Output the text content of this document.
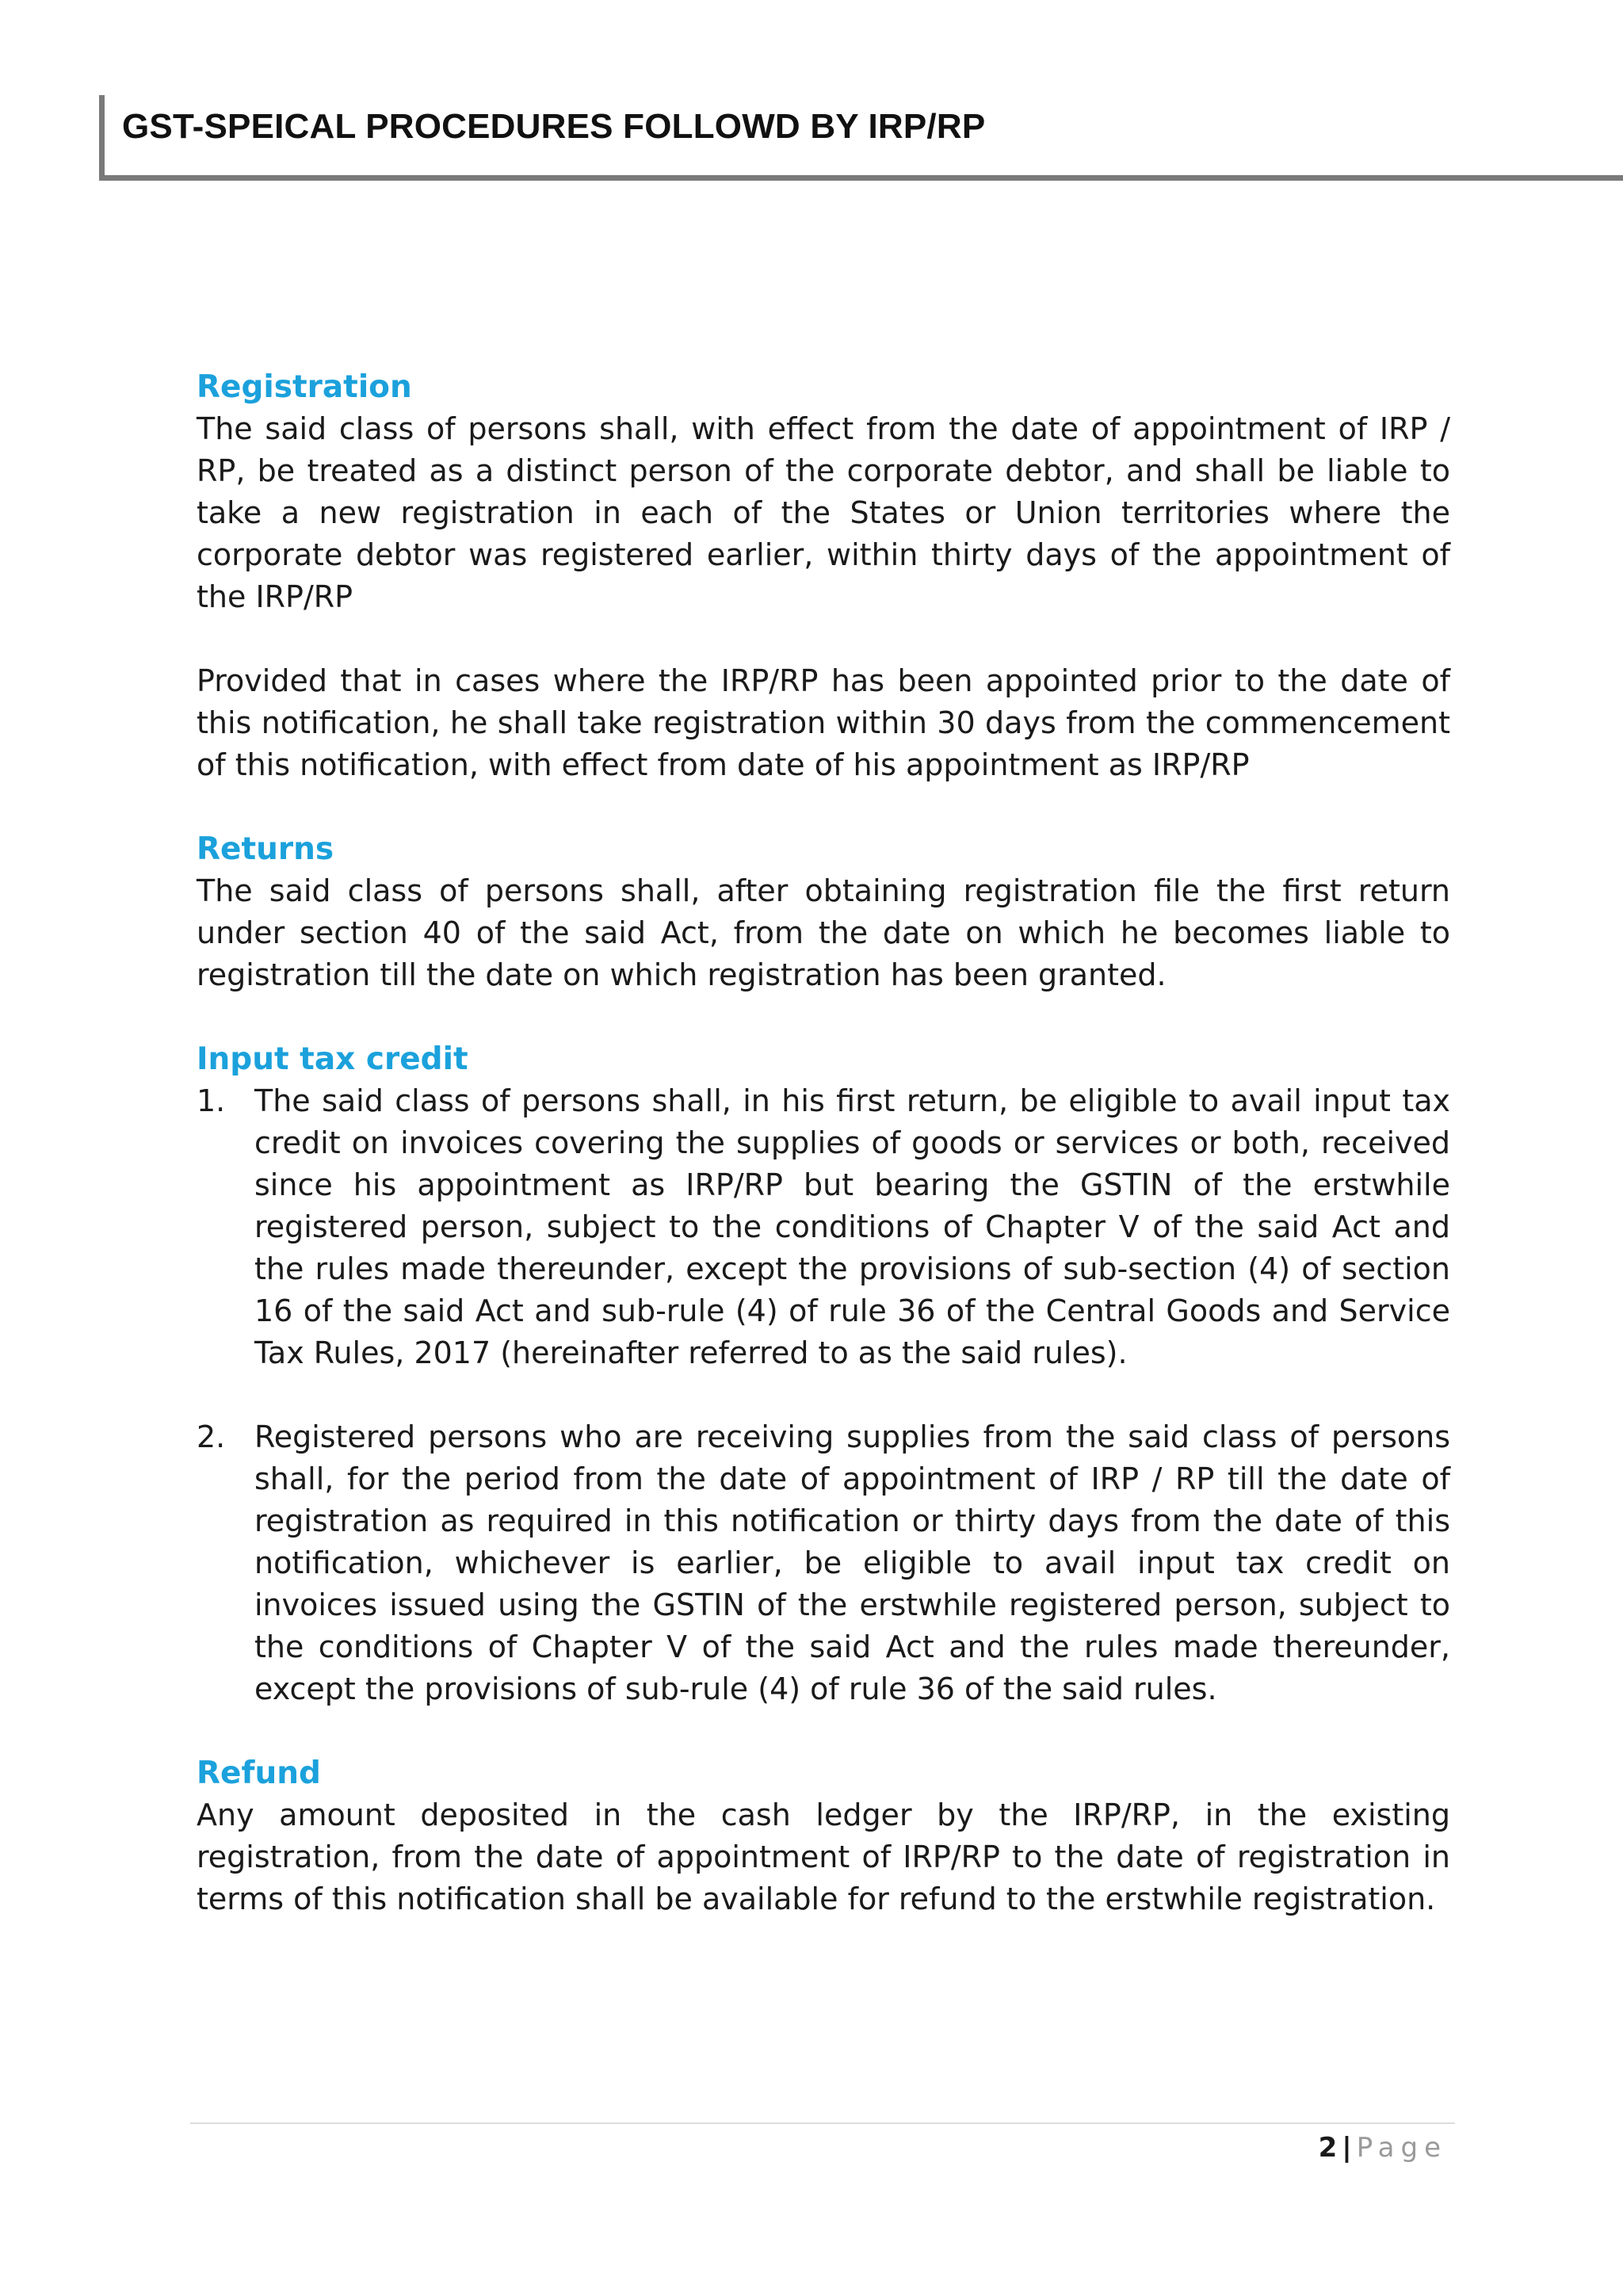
GST-SPEICAL PROCEDURES FOLLOWD BY IRP/RP

Registration

The said class of persons shall, with effect from the date of appointment of IRP / RP, be treated as a distinct person of the corporate debtor, and shall be liable to take a new registration in each of the States or Union territories where the corporate debtor was registered earlier, within thirty days of the appointment of the IRP/RP

Provided that in cases where the IRP/RP has been appointed prior to the date of this notification, he shall take registration within 30 days from the commencement of this notification, with effect from date of his appointment as IRP/RP

Returns

The said class of persons shall, after obtaining registration file the first return under section 40 of the said Act, from the date on which he becomes liable to registration till the date on which registration has been granted.

Input tax credit

1. The said class of persons shall, in his first return, be eligible to avail input tax credit on invoices covering the supplies of goods or services or both, received since his appointment as IRP/RP but bearing the GSTIN of the erstwhile registered person, subject to the conditions of Chapter V of the said Act and the rules made thereunder, except the provisions of sub-section (4) of section 16 of the said Act and sub-rule (4) of rule 36 of the Central Goods and Service Tax Rules, 2017 (hereinafter referred to as the said rules).
2. Registered persons who are receiving supplies from the said class of persons shall, for the period from the date of appointment of IRP / RP till the date of registration as required in this notification or thirty days from the date of this notification, whichever is earlier, be eligible to avail input tax credit on invoices issued using the GSTIN of the erstwhile registered person, subject to the conditions of Chapter V of the said Act and the rules made thereunder, except the provisions of sub-rule (4) of rule 36 of the said rules.

Refund

Any amount deposited in the cash ledger by the IRP/RP, in the existing registration, from the date of appointment of IRP/RP to the date of registration in terms of this notification shall be available for refund to the erstwhile registration.

2 | Page
